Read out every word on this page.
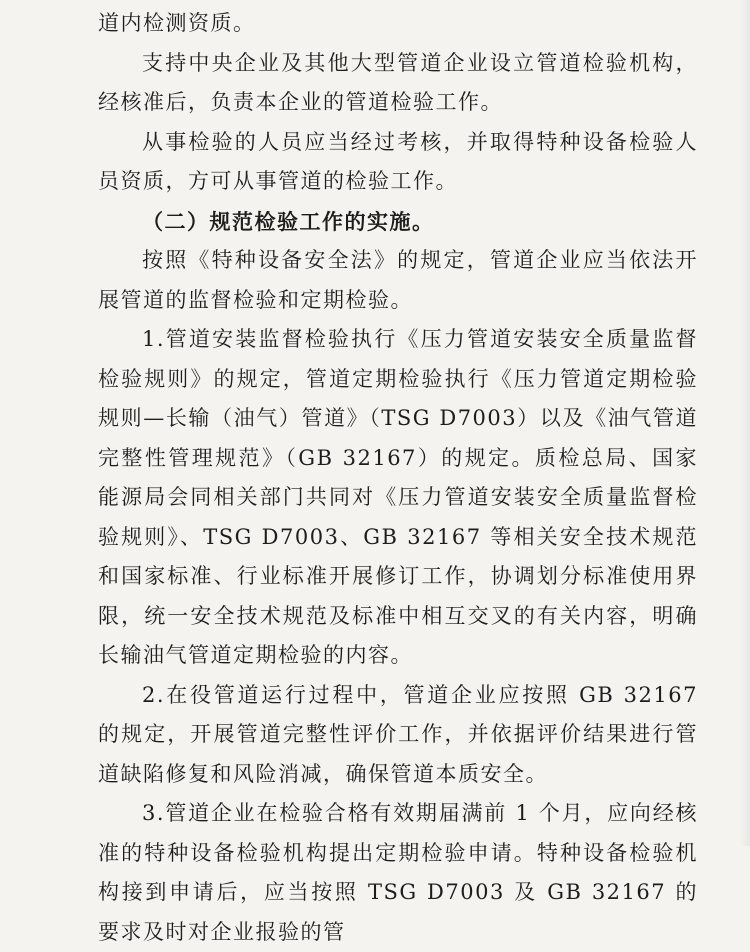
道内检测资质。

支持中央企业及其他大型管道企业设立管道检验机构，经核准后，负责本企业的管道检验工作。

从事检验的人员应当经过考核，并取得特种设备检验人员资质，方可从事管道的检验工作。

（二）规范检验工作的实施。

按照《特种设备安全法》的规定，管道企业应当依法开展管道的监督检验和定期检验。

1.管道安装监督检验执行《压力管道安装安全质量监督检验规则》的规定，管道定期检验执行《压力管道定期检验规则—长输（油气）管道》（TSG D7003）以及《油气管道完整性管理规范》（GB 32167）的规定。质检总局、国家能源局会同相关部门共同对《压力管道安装安全质量监督检验规则》、TSG D7003、GB 32167 等相关安全技术规范和国家标准、行业标准开展修订工作，协调划分标准使用界限，统一安全技术规范及标准中相互交叉的有关内容，明确长输油气管道定期检验的内容。

2.在役管道运行过程中，管道企业应按照 GB 32167 的规定，开展管道完整性评价工作，并依据评价结果进行管道缺陷修复和风险消减，确保管道本质安全。

3.管道企业在检验合格有效期届满前 1 个月，应向经核准的特种设备检验机构提出定期检验申请。特种设备检验机构接到申请后，应当按照 TSG D7003 及 GB 32167 的要求及时对企业报验的管
